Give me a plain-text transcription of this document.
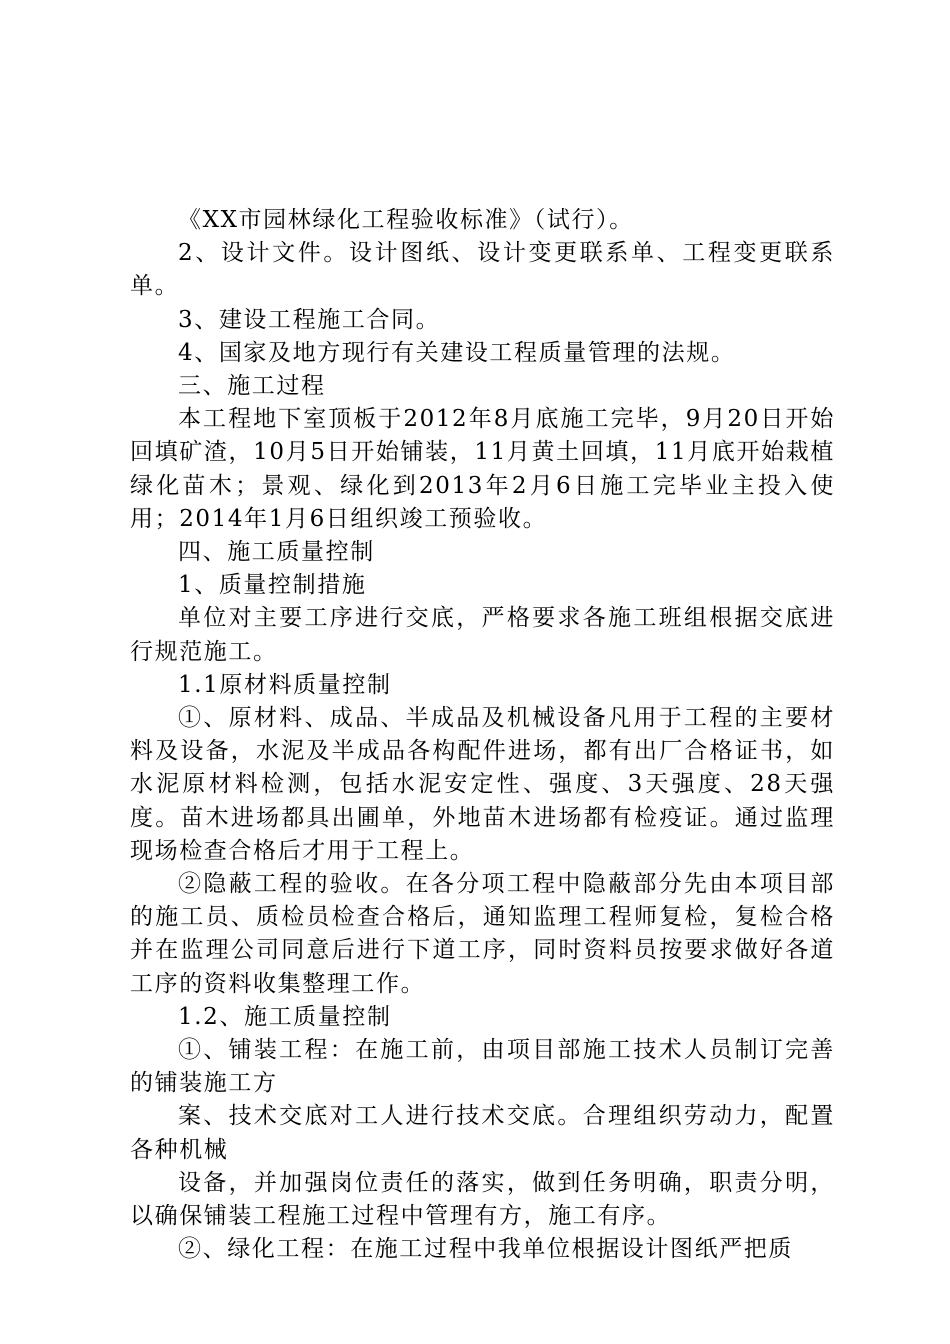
《XX市园林绿化工程验收标准》（试行）。

2、设计文件。设计图纸、设计变更联系单、工程变更联系单。

3、建设工程施工合同。

4、国家及地方现行有关建设工程质量管理的法规。

三、施工过程

本工程地下室顶板于2012年8月底施工完毕，9月20日开始回填矿渣，10月5日开始铺装，11月黄土回填，11月底开始栽植绿化苗木；景观、绿化到2013年2月6日施工完毕业主投入使用；2014年1月6日组织竣工预验收。

四、施工质量控制

1、质量控制措施

单位对主要工序进行交底，严格要求各施工班组根据交底进行规范施工。

1.1原材料质量控制

①、原材料、成品、半成品及机械设备凡用于工程的主要材料及设备，水泥及半成品各构配件进场，都有出厂合格证书，如水泥原材料检测，包括水泥安定性、强度、3天强度、28天强度。苗木进场都具出圃单，外地苗木进场都有检疫证。通过监理现场检查合格后才用于工程上。

②隐蔽工程的验收。在各分项工程中隐蔽部分先由本项目部的施工员、质检员检查合格后，通知监理工程师复检，复检合格并在监理公司同意后进行下道工序，同时资料员按要求做好各道工序的资料收集整理工作。

1.2、施工质量控制

①、铺装工程：在施工前，由项目部施工技术人员制订完善的铺装施工方

案、技术交底对工人进行技术交底。合理组织劳动力，配置各种机械

设备，并加强岗位责任的落实，做到任务明确，职责分明，以确保铺装工程施工过程中管理有方，施工有序。

②、绿化工程：在施工过程中我单位根据设计图纸严把质
